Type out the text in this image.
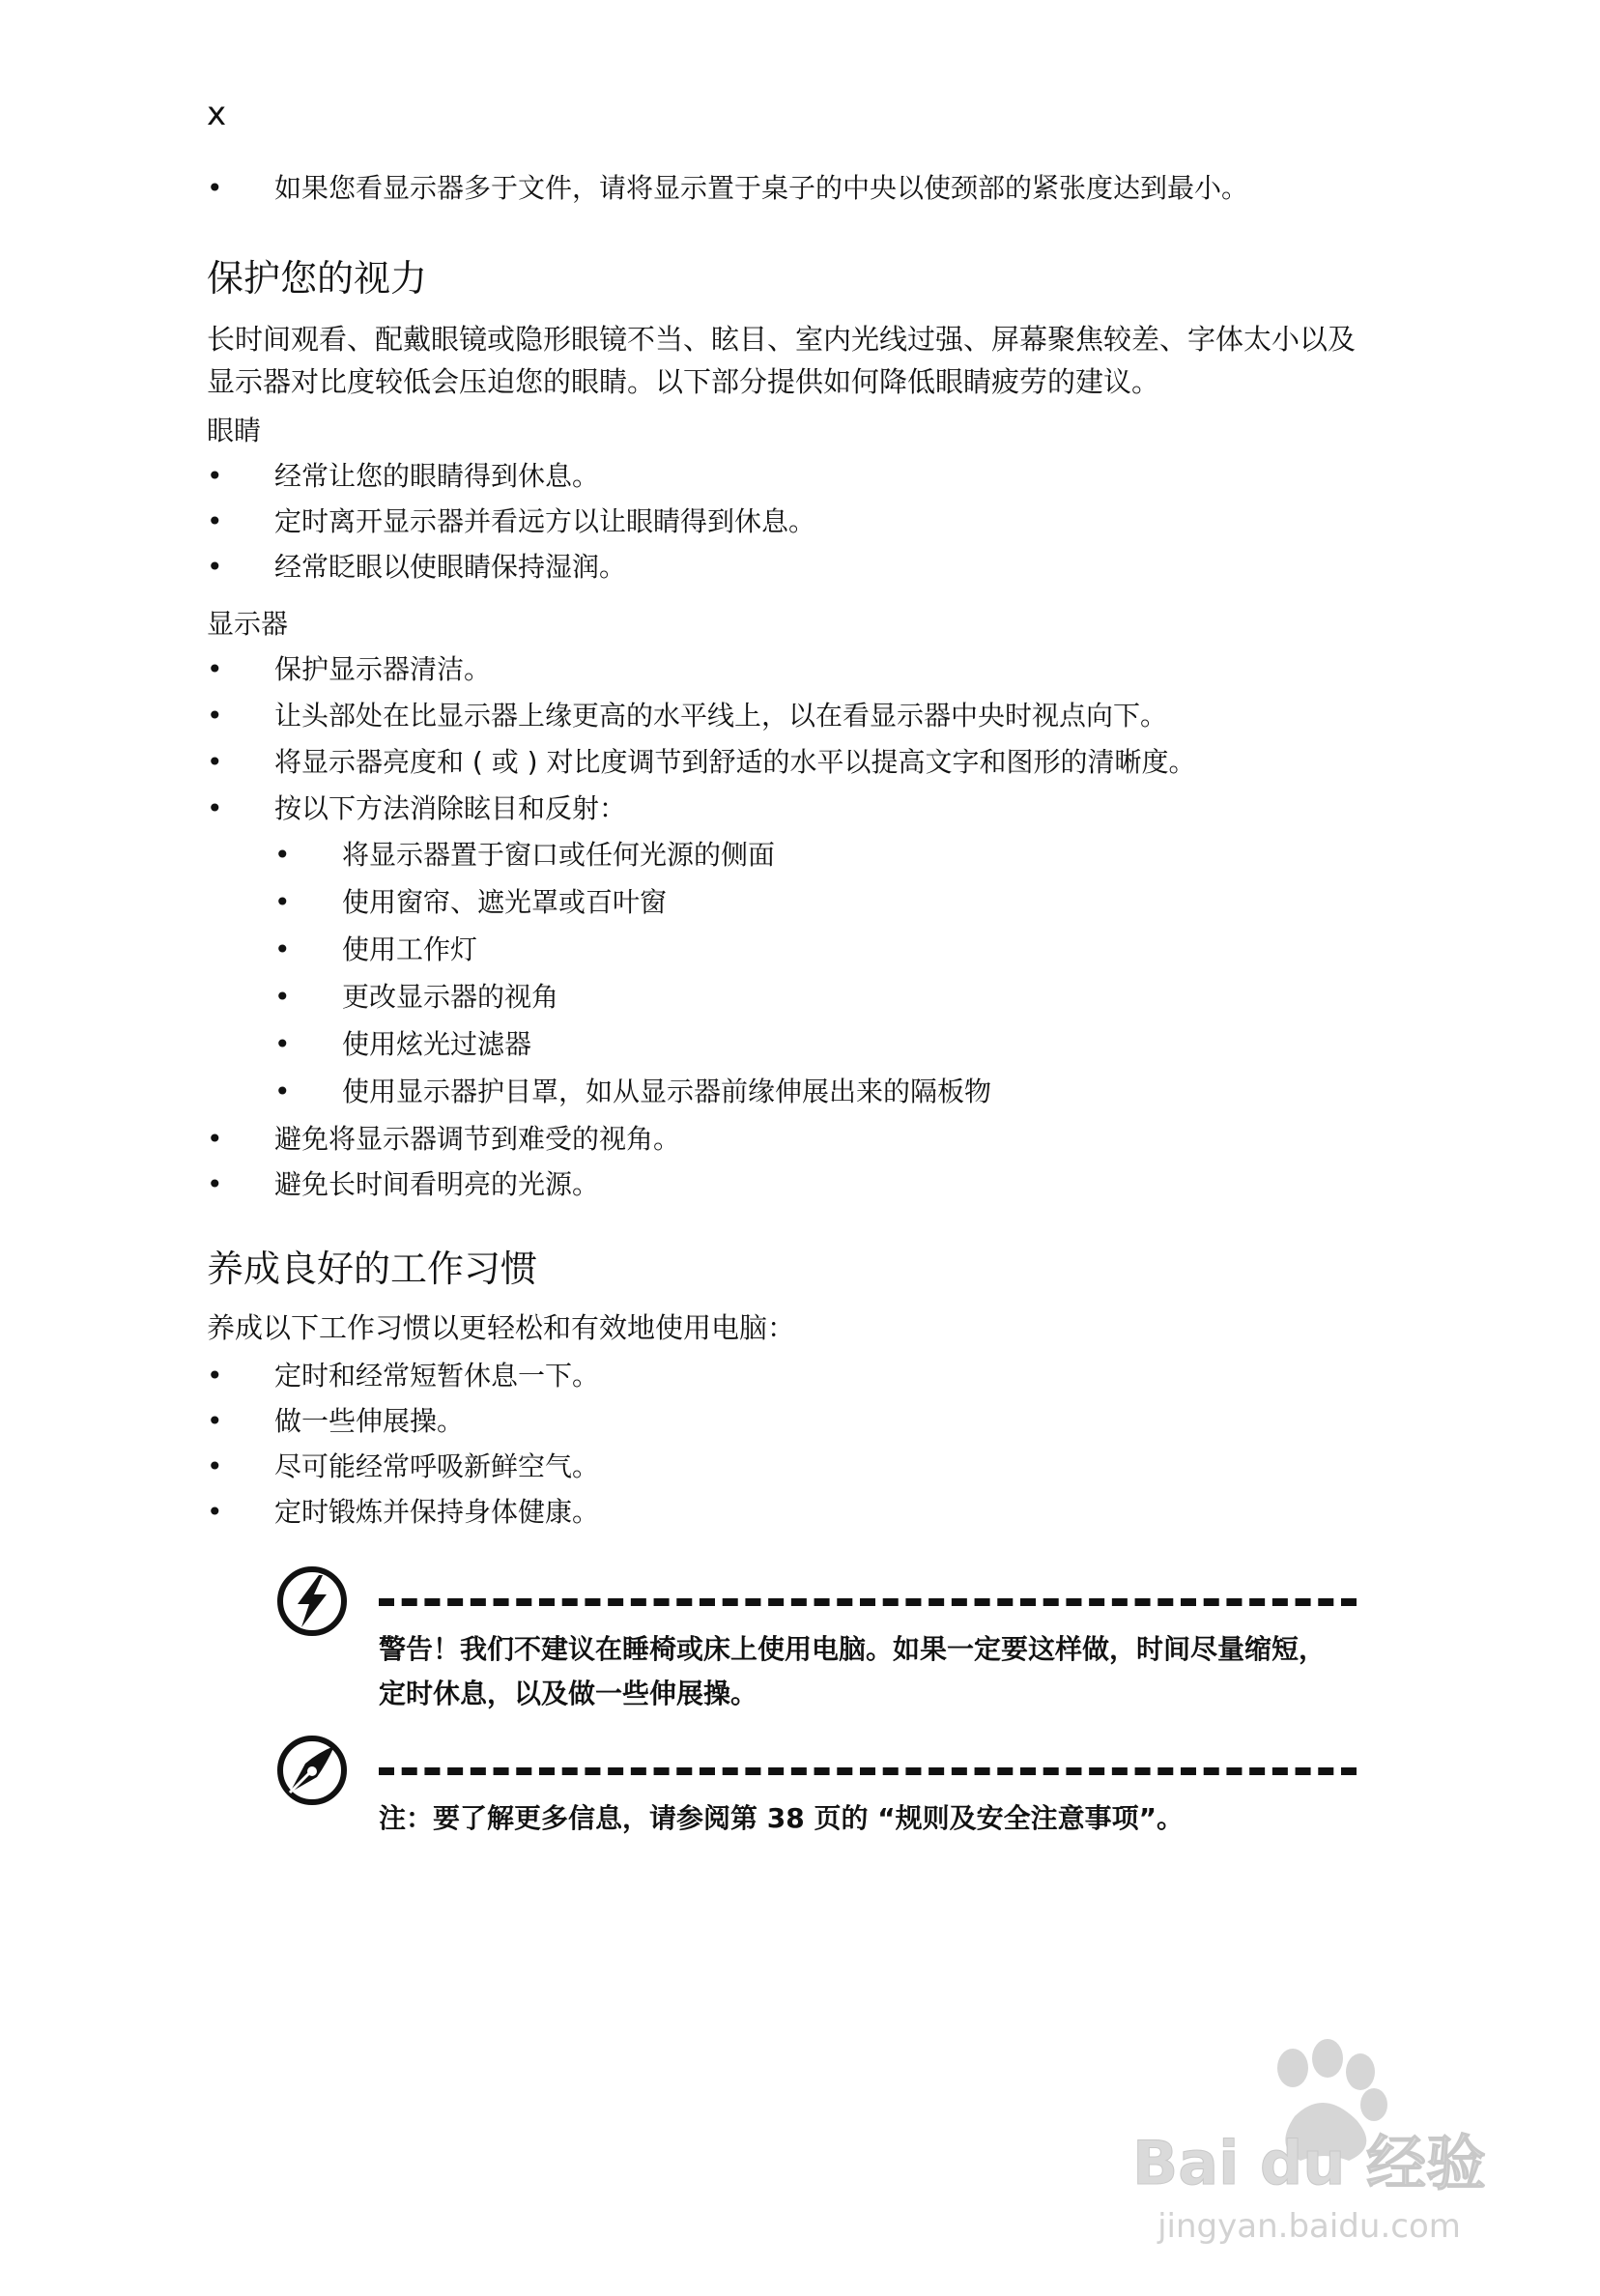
x
•	如果您看显示器多于文件，请将显示置于桌子的中央以使颈部的紧张度达到最小。
保护您的视力

长时间观看、配戴眼镜或隐形眼镜不当、眩目、室内光线过强、屏幕聚焦较差、字体太小以及显示器对比度较低会压迫您的眼睛。以下部分提供如何降低眼睛疲劳的建议。

眼睛
•	经常让您的眼睛得到休息。
•	定时离开显示器并看远方以让眼睛得到休息。
•	经常眨眼以使眼睛保持湿润。
显示器
•	保护显示器清洁。
•	让头部处在比显示器上缘更高的水平线上，以在看显示器中央时视点向下。
•	将显示器亮度和 ( 或 ) 对比度调节到舒适的水平以提高文字和图形的清晰度。
•	按以下方法消除眩目和反射：
•	将显示器置于窗口或任何光源的侧面
•	使用窗帘、遮光罩或百叶窗
•	使用工作灯
•	更改显示器的视角
•	使用炫光过滤器
•	使用显示器护目罩，如从显示器前缘伸展出来的隔板物
•	避免将显示器调节到难受的视角。
•	避免长时间看明亮的光源。
养成良好的工作习惯
养成以下工作习惯以更轻松和有效地使用电脑：
•	定时和经常短暂休息一下。
•	做一些伸展操。
•	尽可能经常呼吸新鲜空气。
•	定时锻炼并保持身体健康。
警告！我们不建议在睡椅或床上使用电脑。如果一定要这样做，时间尽量缩短，定时休息，以及做一些伸展操。
注：要了解更多信息，请参阅第 38 页的 “规则及安全注意事项”。
Bai du 经验
jingyan.baidu.com
